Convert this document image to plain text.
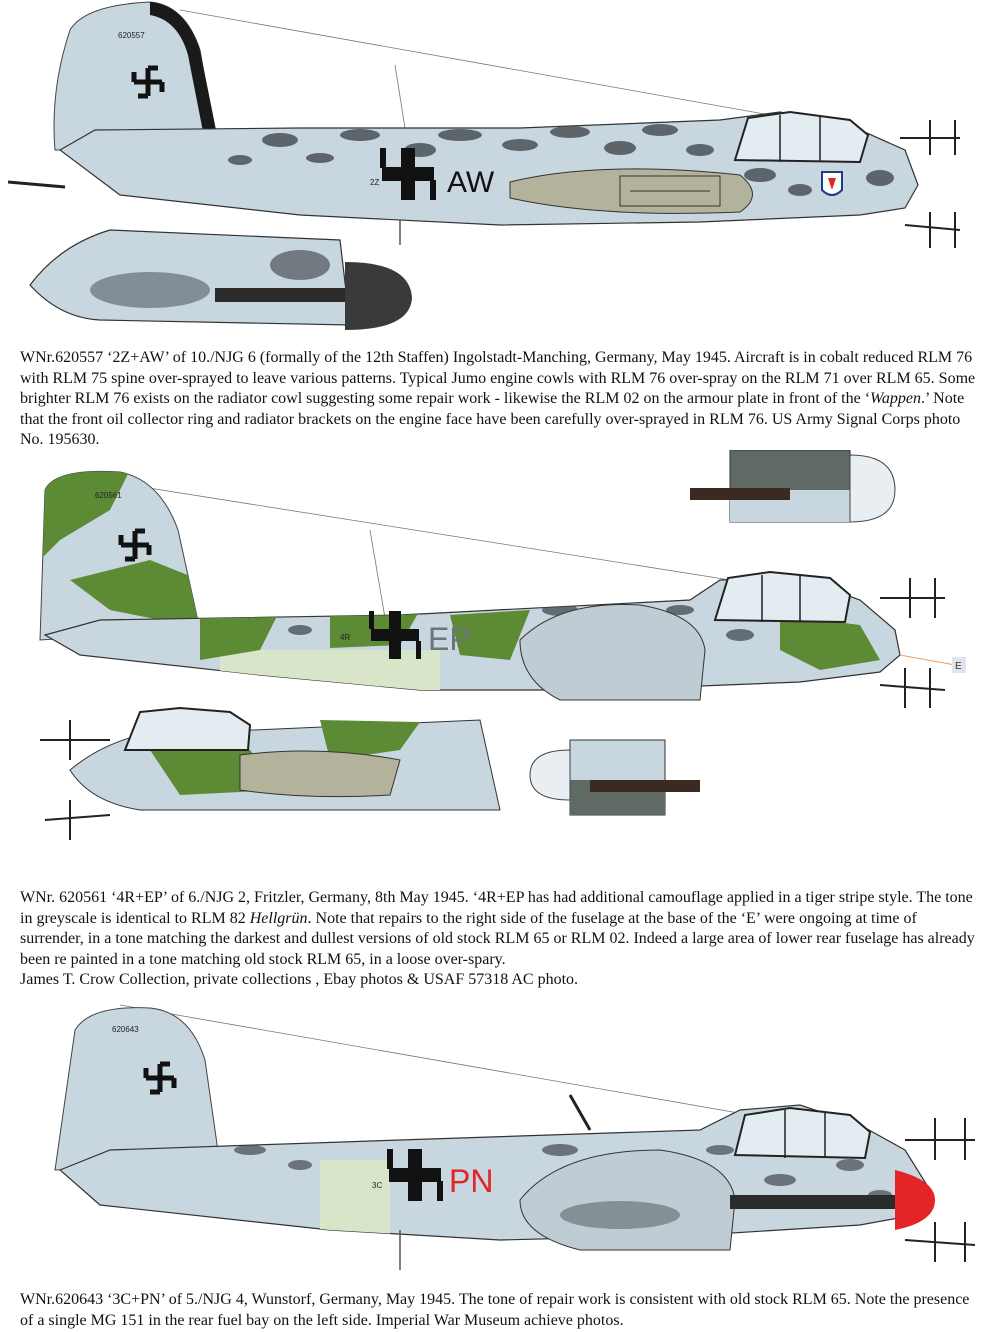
620557
AW
2Z

WNr.620557 ‘2Z+AW’ of 10./NJG 6 (formally of the 12th Staffen) Ingolstadt-Manching, Germany, May 1945. Aircraft is in cobalt reduced RLM 76 with RLM 75 spine over-sprayed to leave various patterns. Typical Jumo engine cowls with RLM 76 over-spray on the RLM 71 over RLM 65. Some brighter RLM 76 exists on the radiator cowl suggesting some repair work - likewise the RLM 02 on the armour plate in front of the ‘Wappen.’ Note that the front oil collector ring and radiator brackets on the engine face have been carefully over-sprayed in RLM 76. US Army Signal Corps photo No. 195630.

620561
EP
4R
E

WNr. 620561 ‘4R+EP’ of 6./NJG 2, Fritzler, Germany, 8th May 1945. ‘4R+EP has had additional camouflage applied in a tiger stripe style. The tone in greyscale is identical to RLM 82 Hellgrün. Note that repairs to the right side of the fuselage at the base of the ‘E’ were ongoing at time of surrender, in a tone matching the darkest and dullest versions of old stock RLM 65 or RLM 02. Indeed a large area of lower rear fuselage has already been re painted in a tone matching old stock RLM 65, in a loose over-spary.

James T. Crow Collection, private collections , Ebay photos & USAF 57318 AC photo.

620643
PN
3C

WNr.620643 ‘3C+PN’ of 5./NJG 4, Wunstorf, Germany, May 1945. The tone of repair work is consistent with old stock RLM 65. Note the presence of a single MG 151 in the rear fuel bay on the left side. Imperial War Museum achieve photos.
